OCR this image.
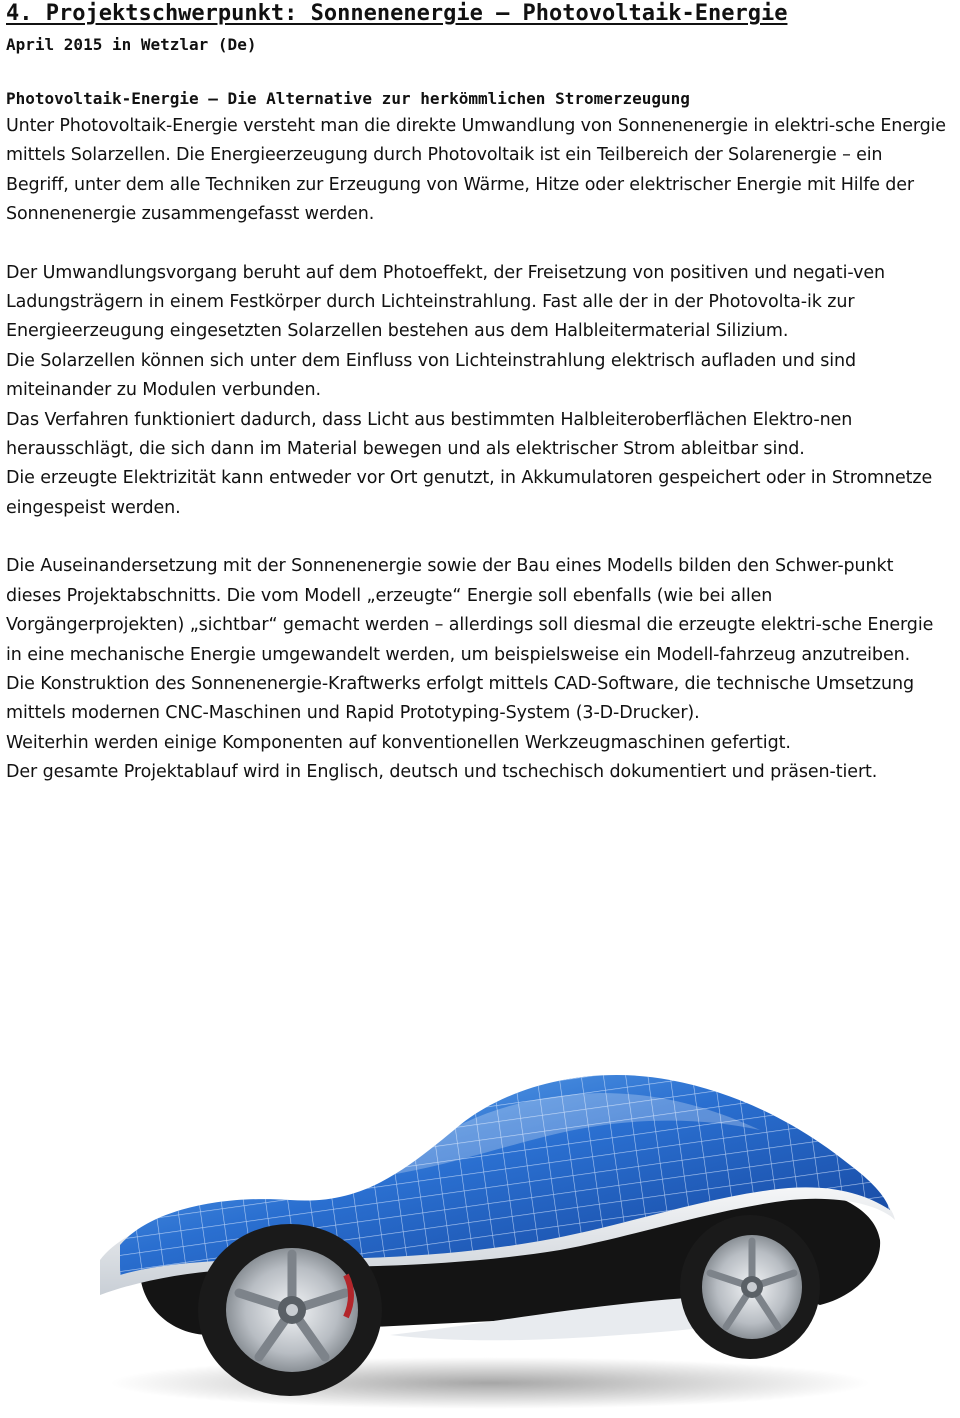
4. Projektschwerpunkt: Sonnenenergie – Photovoltaik-Energie
April 2015 in Wetzlar (De)
Photovoltaik-Energie – Die Alternative zur herkömmlichen Stromerzeugung

Unter Photovoltaik-Energie versteht man die direkte Umwandlung von Sonnenenergie in elektri-sche Energie mittels Solarzellen. Die Energieerzeugung durch Photovoltaik ist ein Teilbereich der Solarenergie – ein Begriff, unter dem alle Techniken zur Erzeugung von Wärme, Hitze oder elektrischer Energie mit Hilfe der Sonnenenergie zusammengefasst werden.

Der Umwandlungsvorgang beruht auf dem Photoeffekt, der Freisetzung von positiven und negati-ven Ladungsträgern in einem Festkörper durch Lichteinstrahlung. Fast alle der in der Photovolta-ik zur Energieerzeugung eingesetzten Solarzellen bestehen aus dem Halbleitermaterial Silizium.

Die Solarzellen können sich unter dem Einfluss von Lichteinstrahlung elektrisch aufladen und sind miteinander zu Modulen verbunden.

Das Verfahren funktioniert dadurch, dass Licht aus bestimmten Halbleiteroberflächen Elektro-nen herausschlägt, die sich dann im Material bewegen und als elektrischer Strom ableitbar sind.

Die erzeugte Elektrizität kann entweder vor Ort genutzt, in Akkumulatoren gespeichert oder in Stromnetze eingespeist werden.

Die Auseinandersetzung mit der Sonnenenergie sowie der Bau eines Modells bilden den Schwer-punkt dieses Projektabschnitts. Die vom Modell „erzeugte“ Energie soll ebenfalls (wie bei allen Vorgängerprojekten) „sichtbar“ gemacht werden – allerdings soll diesmal die erzeugte elektri-sche Energie in eine mechanische Energie umgewandelt werden, um beispielsweise ein Modell-fahrzeug anzutreiben.

Die Konstruktion des Sonnenenergie-Kraftwerks erfolgt mittels CAD-Software, die technische Umsetzung mittels modernen CNC-Maschinen und Rapid Prototyping-System (3-D-Drucker).

Weiterhin werden einige Komponenten auf konventionellen Werkzeugmaschinen gefertigt.

Der gesamte Projektablauf wird in Englisch, deutsch und tschechisch dokumentiert und präsen-tiert.
